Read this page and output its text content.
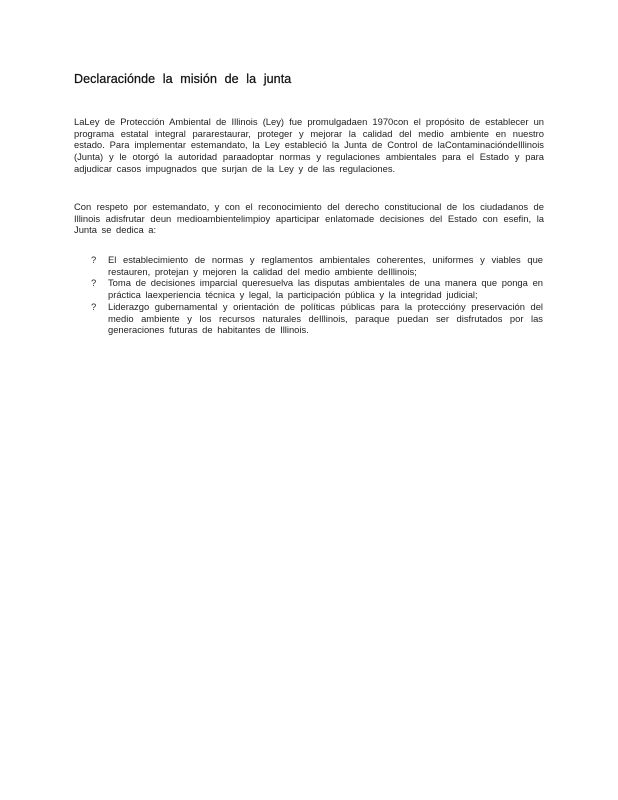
Declaraciónde la misión de la junta

LaLey de Protección Ambiental de Illinois (Ley) fue promulgadaen 1970con el propósito de establecer un programa estatal integral pararestaurar, proteger y mejorar la calidad del medio ambiente en nuestro estado. Para implementar estemandato, la Ley estableció la Junta de Control de laContaminacióndeIllinois (Junta) y le otorgó la autoridad paraadoptar normas y regulaciones ambientales para el Estado y para adjudicar casos impugnados que surjan de la Ley y de las regulaciones.

Con respeto por estemandato, y con el reconocimiento del derecho constitucional de los ciudadanos de Illinois adisfrutar deun medioambientelimpioy aparticipar enlatomade decisiones del Estado con esefin, la Junta se dedica a:

? El establecimiento de normas y reglamentos ambientales coherentes, uniformes y viables que restauren, protejan y mejoren la calidad del medio ambiente deIllinois;
? Toma de decisiones imparcial queresuelva las disputas ambientales de una manera que ponga en práctica laexperiencia técnica y legal, la participación pública y la integridad judicial;
? Liderazgo gubernamental y orientación de políticas públicas para la proteccióny preservación del medio ambiente y los recursos naturales deIllinois, paraque puedan ser disfrutados por las generaciones futuras de habitantes de Illinois.
